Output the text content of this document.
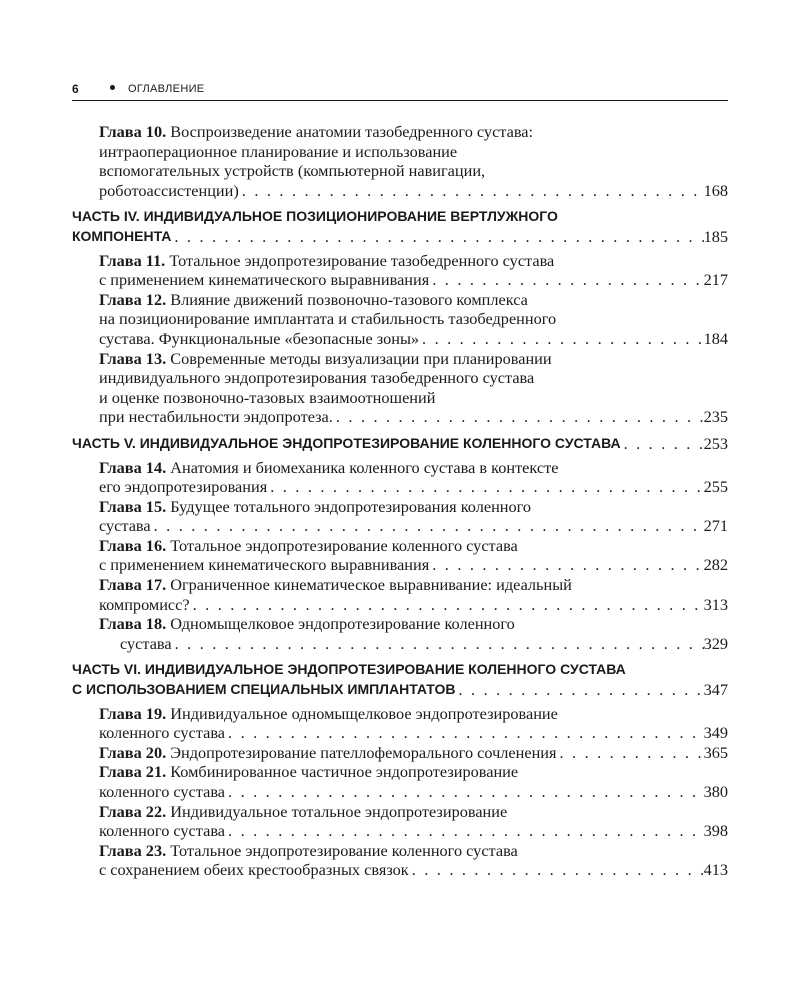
6	ОГЛАВЛЕНИЕ
Глава 10. Воспроизведение анатомии тазобедренного сустава:
интраоперационное планирование и использование
вспомогательных устройств (компьютерной навигации,
роботоассистенции) . . .	168
ЧАСТЬ IV. ИНДИВИДУАЛЬНОЕ ПОЗИЦИОНИРОВАНИЕ ВЕРТЛУЖНОГО
КОМПОНЕНТА . . .	185
Глава 11. Тотальное эндопротезирование тазобедренного сустава
с применением кинематического выравнивания . . .	217
Глава 12. Влияние движений позвоночно-тазового комплекса
на позиционирование имплантата и стабильность тазобедренного
сустава. Функциональные «безопасные зоны» . . .	184
Глава 13. Современные методы визуализации при планировании
индивидуального эндопротезирования тазобедренного сустава
и оценке позвоночно-тазовых взаимоотношений
при нестабильности эндопротеза. . . .	235
ЧАСТЬ V. ИНДИВИДУАЛЬНОЕ ЭНДОПРОТЕЗИРОВАНИЕ КОЛЕННОГО СУСТАВА . . .	253
Глава 14. Анатомия и биомеханика коленного сустава в контексте
его эндопротезирования . . .	255
Глава 15. Будущее тотального эндопротезирования коленного
сустава . . .	271
Глава 16. Тотальное эндопротезирование коленного сустава
с применением кинематического выравнивания . . .	282
Глава 17. Ограниченное кинематическое выравнивание: идеальный
компромисс? . . .	313
Глава 18. Одномыщелковое эндопротезирование коленного
сустава . . .	329
ЧАСТЬ VI. ИНДИВИДУАЛЬНОЕ ЭНДОПРОТЕЗИРОВАНИЕ КОЛЕННОГО СУСТАВА
С ИСПОЛЬЗОВАНИЕМ СПЕЦИАЛЬНЫХ ИМПЛАНТАТОВ . . .	347
Глава 19. Индивидуальное одномыщелковое эндопротезирование
коленного сустава . . .	349
Глава 20. Эндопротезирование пателлофеморального сочленения . . .	365
Глава 21. Комбинированное частичное эндопротезирование
коленного сустава . . .	380
Глава 22. Индивидуальное тотальное эндопротезирование
коленного сустава . . .	398
Глава 23. Тотальное эндопротезирование коленного сустава
с сохранением обеих крестообразных связок . . .	413
